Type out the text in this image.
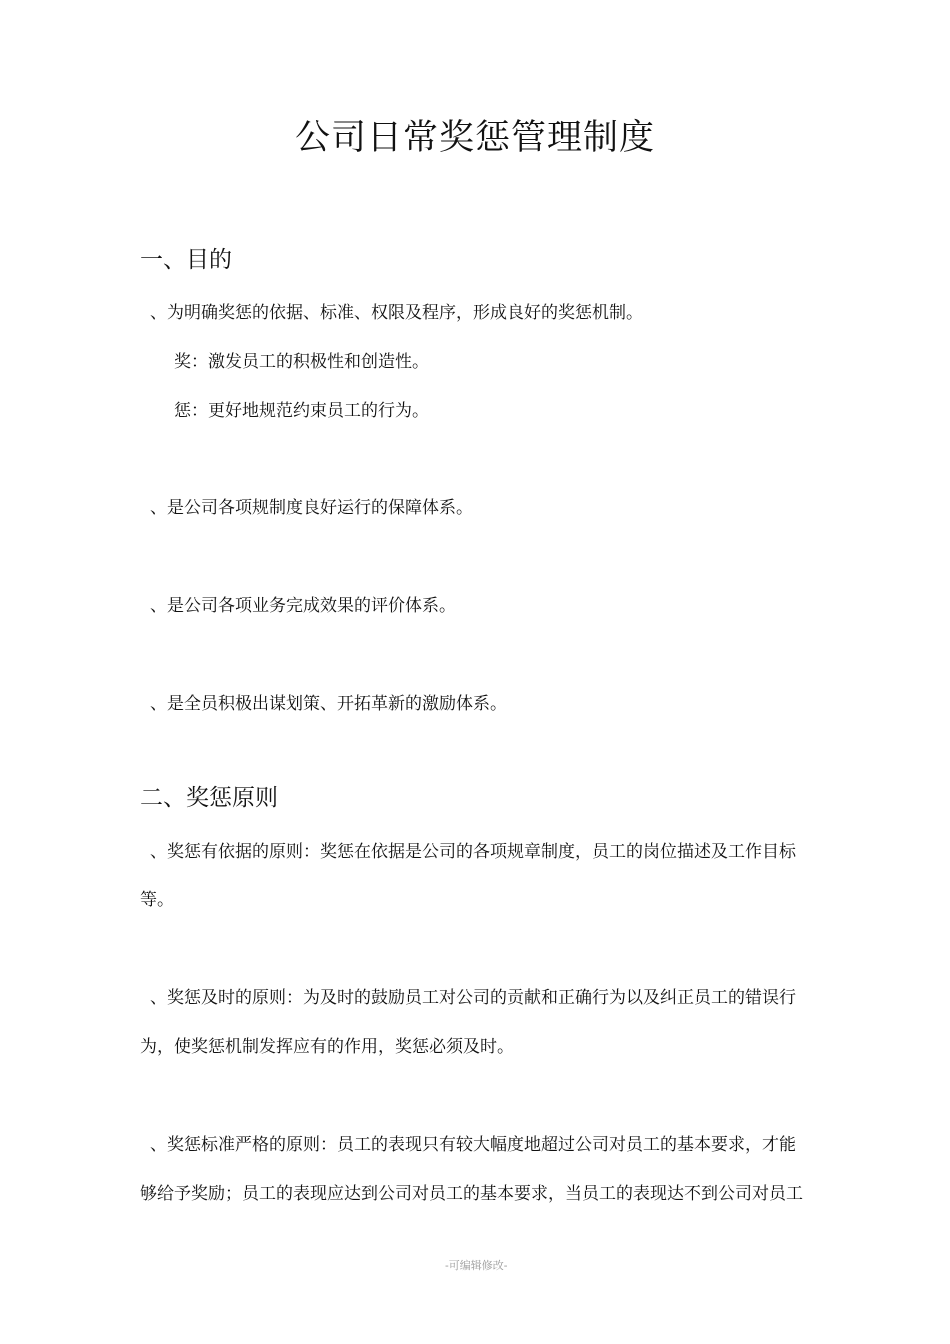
公司日常奖惩管理制度
一、目的
、为明确奖惩的依据、标准、权限及程序，形成良好的奖惩机制。
奖：激发员工的积极性和创造性。
惩：更好地规范约束员工的行为。
、是公司各项规制度良好运行的保障体系。
、是公司各项业务完成效果的评价体系。
、是全员积极出谋划策、开拓革新的激励体系。
二、奖惩原则
、奖惩有依据的原则：奖惩在依据是公司的各项规章制度，员工的岗位描述及工作目标
等。
、奖惩及时的原则：为及时的鼓励员工对公司的贡献和正确行为以及纠正员工的错误行
为，使奖惩机制发挥应有的作用，奖惩必须及时。
、奖惩标准严格的原则：员工的表现只有较大幅度地超过公司对员工的基本要求，才能
够给予奖励；员工的表现应达到公司对员工的基本要求，当员工的表现达不到公司对员工
-可编辑修改-
